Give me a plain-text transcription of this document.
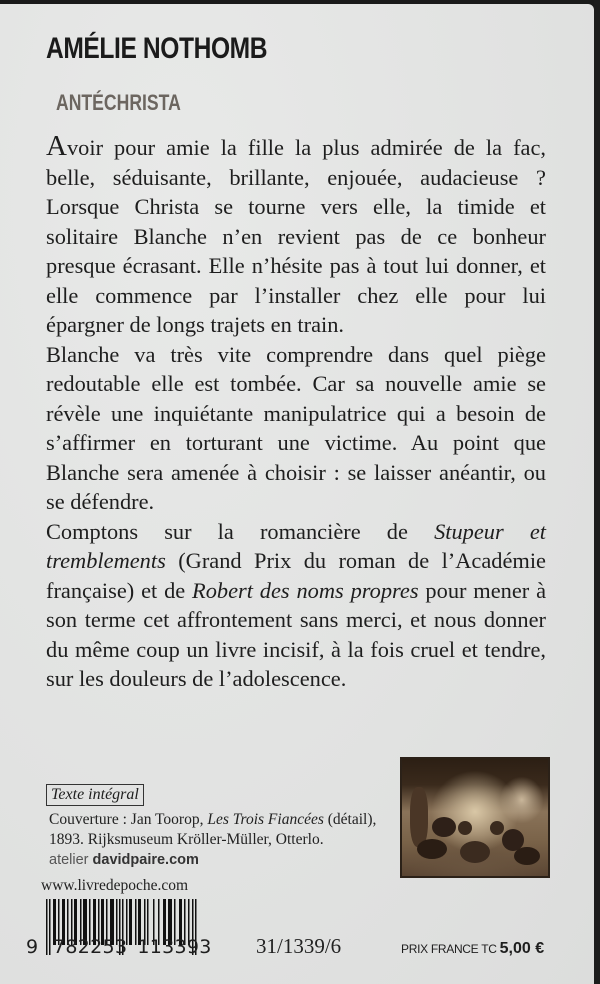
AMÉLIE NOTHOMB
ANTÉCHRISTA

Avoir pour amie la fille la plus admirée de la fac, belle, séduisante, brillante, enjouée, audacieuse ? Lorsque Christa se tourne vers elle, la timide et solitaire Blanche n’en revient pas de ce bonheur presque écrasant. Elle n’hésite pas à tout lui donner, et elle commence par l’installer chez elle pour lui épargner de longs trajets en train.

Blanche va très vite comprendre dans quel piège redoutable elle est tombée. Car sa nouvelle amie se révèle une inquiétante manipulatrice qui a besoin de s’affirmer en torturant une victime. Au point que Blanche sera amenée à choisir : se laisser anéantir, ou se défendre.

Comptons sur la romancière de Stupeur et tremblements (Grand Prix du roman de l’Académie française) et de Robert des noms propres pour mener à son terme cet affrontement sans merci, et nous donner du même coup un livre incisif, à la fois cruel et tendre, sur les douleurs de l’adolescence.

Texte intégral
Couverture : Jan Toorop, Les Trois Fiancées (détail), 1893. Rijksmuseum Kröller-Müller, Otterlo.
atelier davidpaire.com
www.livredepoche.com
9 782253 113393 31/1339/6	PRIX FRANCE TC 5,00 €
